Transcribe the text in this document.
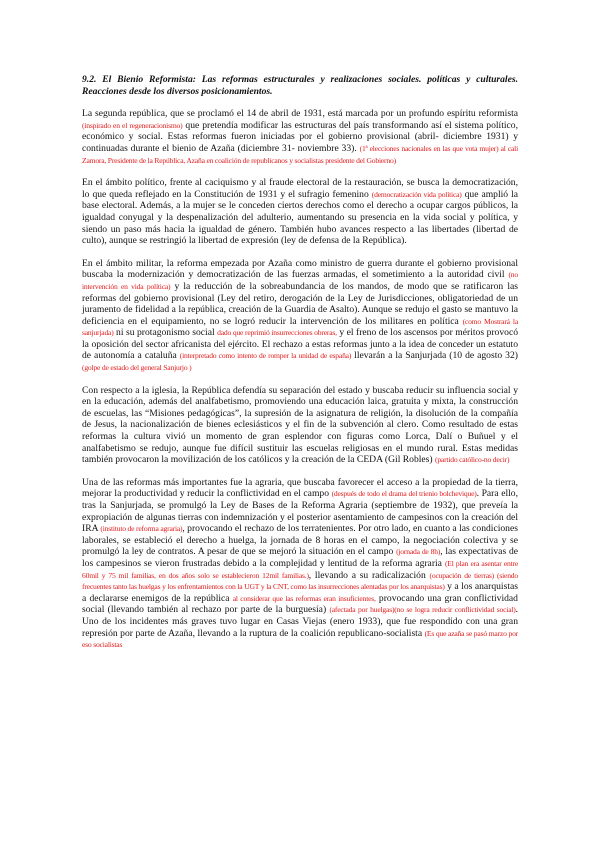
9.2. El Bienio Reformista: Las reformas estructurales y realizaciones sociales. políticas y culturales. Reacciones desde los diversos posicionamientos.

La segunda república, que se proclamó el 14 de abril de 1931, está marcada por un profundo espíritu reformista (inspirado en el regeneracionismo) que pretendía modificar las estructuras del país transformando así el sistema político, económico y social. Estas reformas fueron iniciadas por el gobierno provisional (abril- diciembre 1931) y continuadas durante el bienio de Azaña (diciembre 31- noviembre 33). (1ª elecciones nacionales en las que vota mujer) al cali Zamora, Presidente de la República, Azaña en coalición de republicanos y socialistas presidente del Gobierno)

En el ámbito político, frente al caciquismo y al fraude electoral de la restauración, se busca la democratización, lo que queda reflejado en la Constitución de 1931 y el sufragio femenino (democratización vida política) que amplió la base electoral. Además, a la mujer se le conceden ciertos derechos como el derecho a ocupar cargos públicos, la igualdad conyugal y la despenalización del adulterio, aumentando su presencia en la vida social y política, y siendo un paso más hacia la igualdad de género. También hubo avances respecto a las libertades (libertad de culto), aunque se restringió la libertad de expresión (ley de defensa de la República).

En el ámbito militar, la reforma empezada por Azaña como ministro de guerra durante el gobierno provisional buscaba la modernización y democratización de las fuerzas armadas, el sometimiento a la autoridad civil (no intervención en vida política) y la reducción de la sobreabundancia de los mandos, de modo que se ratificaron las reformas del gobierno provisional (Ley del retiro, derogación de la Ley de Jurisdicciones, obligatoriedad de un juramento de fidelidad a la república, creación de la Guardia de Asalto). Aunque se redujo el gasto se mantuvo la deficiencia en el equipamiento, no se logró reducir la intervención de los militares en política (como Mostrará la sanjurjada) ni su protagonismo social dado que reprimió insurrecciones obreras, y el freno de los ascensos por méritos provocó la oposición del sector africanista del ejército. El rechazo a estas reformas junto a la idea de conceder un estatuto de autonomía a cataluña (interpretado como intento de romper la unidad de españa) llevarán a la Sanjurjada (10 de agosto 32) (golpe de estado del general Sanjurjo )

Con respecto a la iglesia, la República defendía su separación del estado y buscaba reducir su influencia social y en la educación, además del analfabetismo, promoviendo una educación laica, gratuita y mixta, la construcción de escuelas, las “Misiones pedagógicas”, la supresión de la asignatura de religión, la disolución de la compañía de Jesus, la nacionalización de bienes eclesiásticos y el fin de la subvención al clero. Como resultado de estas reformas la cultura vivió un momento de gran esplendor con figuras como Lorca, Dalí o Buñuel y el analfabetismo se redujo, aunque fue difícil sustituir las escuelas religiosas en el mundo rural. Estas medidas también provocaron la movilización de los católicos y la creación de la CEDA (Gil Robles) (partido católico-no decir)

Una de las reformas más importantes fue la agraria, que buscaba favorecer el acceso a la propiedad de la tierra, mejorar la productividad y reducir la conflictividad en el campo (después de todo el drama del trienio bolchevique). Para ello, tras la Sanjurjada, se promulgó la Ley de Bases de la Reforma Agraria (septiembre de 1932), que preveía la expropiación de algunas tierras con indemnización y el posterior asentamiento de campesinos con la creación del IRA (instituto de reforma agraria), provocando el rechazo de los terratenientes. Por otro lado, en cuanto a las condiciones laborales, se estableció el derecho a huelga, la jornada de 8 horas en el campo, la negociación colectiva y se promulgó la ley de contratos. A pesar de que se mejoró la situación en el campo (jornada de 8h), las expectativas de los campesinos se vieron frustradas debido a la complejidad y lentitud de la reforma agraria (El plan era asentar entre 60mil y 75 mil familias, en dos años solo se establecieron 12mil familias.), llevando a su radicalización (ocupación de tierras) (siendo frecuentes tanto las huelgas y los enfrentamientos con la UGT y la CNT, como las insurrecciones alentadas por los anarquistas) y a los anarquistas a declararse enemigos de la república al considerar que las reformas eran insuficientes, provocando una gran conflictividad social (llevando también al rechazo por parte de la burguesía) (afectada por huelgas)(no se logra reducir conflictividad social). Uno de los incidentes más graves tuvo lugar en Casas Viejas (enero 1933), que fue respondido con una gran represión por parte de Azaña, llevando a la ruptura de la coalición republicano-socialista (Es que azaña se pasó marzo por eso socialistas
